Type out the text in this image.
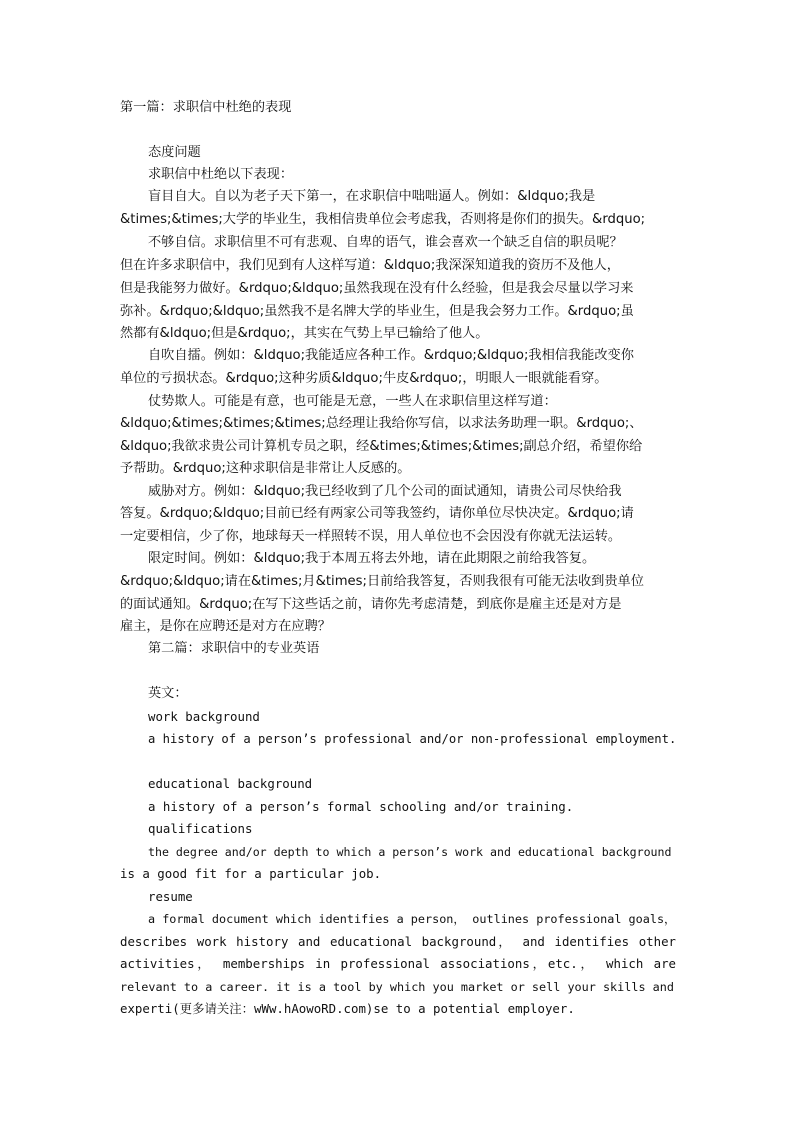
第一篇：求职信中杜绝的表现
态度问题
求职信中杜绝以下表现：
盲目自大。自以为老子天下第一，在求职信中咄咄逼人。例如：&ldquo;我是
&times;&times;大学的毕业生，我相信贵单位会考虑我，否则将是你们的损失。&rdquo;
不够自信。求职信里不可有悲观、自卑的语气，谁会喜欢一个缺乏自信的职员呢？
但在许多求职信中，我们见到有人这样写道：&ldquo;我深深知道我的资历不及他人，
但是我能努力做好。&rdquo;&ldquo;虽然我现在没有什么经验，但是我会尽量以学习来
弥补。&rdquo;&ldquo;虽然我不是名牌大学的毕业生，但是我会努力工作。&rdquo;虽
然都有&ldquo;但是&rdquo;，其实在气势上早已输给了他人。
自吹自擂。例如：&ldquo;我能适应各种工作。&rdquo;&ldquo;我相信我能改变你
单位的亏损状态。&rdquo;这种劣质&ldquo;牛皮&rdquo;，明眼人一眼就能看穿。
仗势欺人。可能是有意，也可能是无意，一些人在求职信里这样写道：
&ldquo;&times;&times;&times;总经理让我给你写信，以求法务助理一职。&rdquo;、
&ldquo;我欲求贵公司计算机专员之职，经&times;&times;&times;副总介绍，希望你给
予帮助。&rdquo;这种求职信是非常让人反感的。
威胁对方。例如：&ldquo;我已经收到了几个公司的面试通知，请贵公司尽快给我
答复。&rdquo;&ldquo;目前已经有两家公司等我签约，请你单位尽快决定。&rdquo;请
一定要相信，少了你，地球每天一样照转不误，用人单位也不会因没有你就无法运转。
限定时间。例如：&ldquo;我于本周五将去外地，请在此期限之前给我答复。
&rdquo;&ldquo;请在&times;月&times;日前给我答复，否则我很有可能无法收到贵单位
的面试通知。&rdquo;在写下这些话之前，请你先考虑清楚，到底你是雇主还是对方是
雇主，是你在应聘还是对方在应聘？
第二篇：求职信中的专业英语
英文：
work background
a history of a person’s professional and/or non-professional employment.
educational background
a history of a person’s formal schooling and/or training.
qualifications
the degree and/or depth to which a person’s work and educational background
is a good fit for a particular job.
resume
a formal document which identifies a person， outlines professional goals，
describes work history and educational background， and identifies other
activities， memberships in professional associations，etc.， which are
relevant to a career. it is a tool by which you market or sell your skills and
experti(更多请关注：wWw.hAowoRD.com)se to a potential employer.
